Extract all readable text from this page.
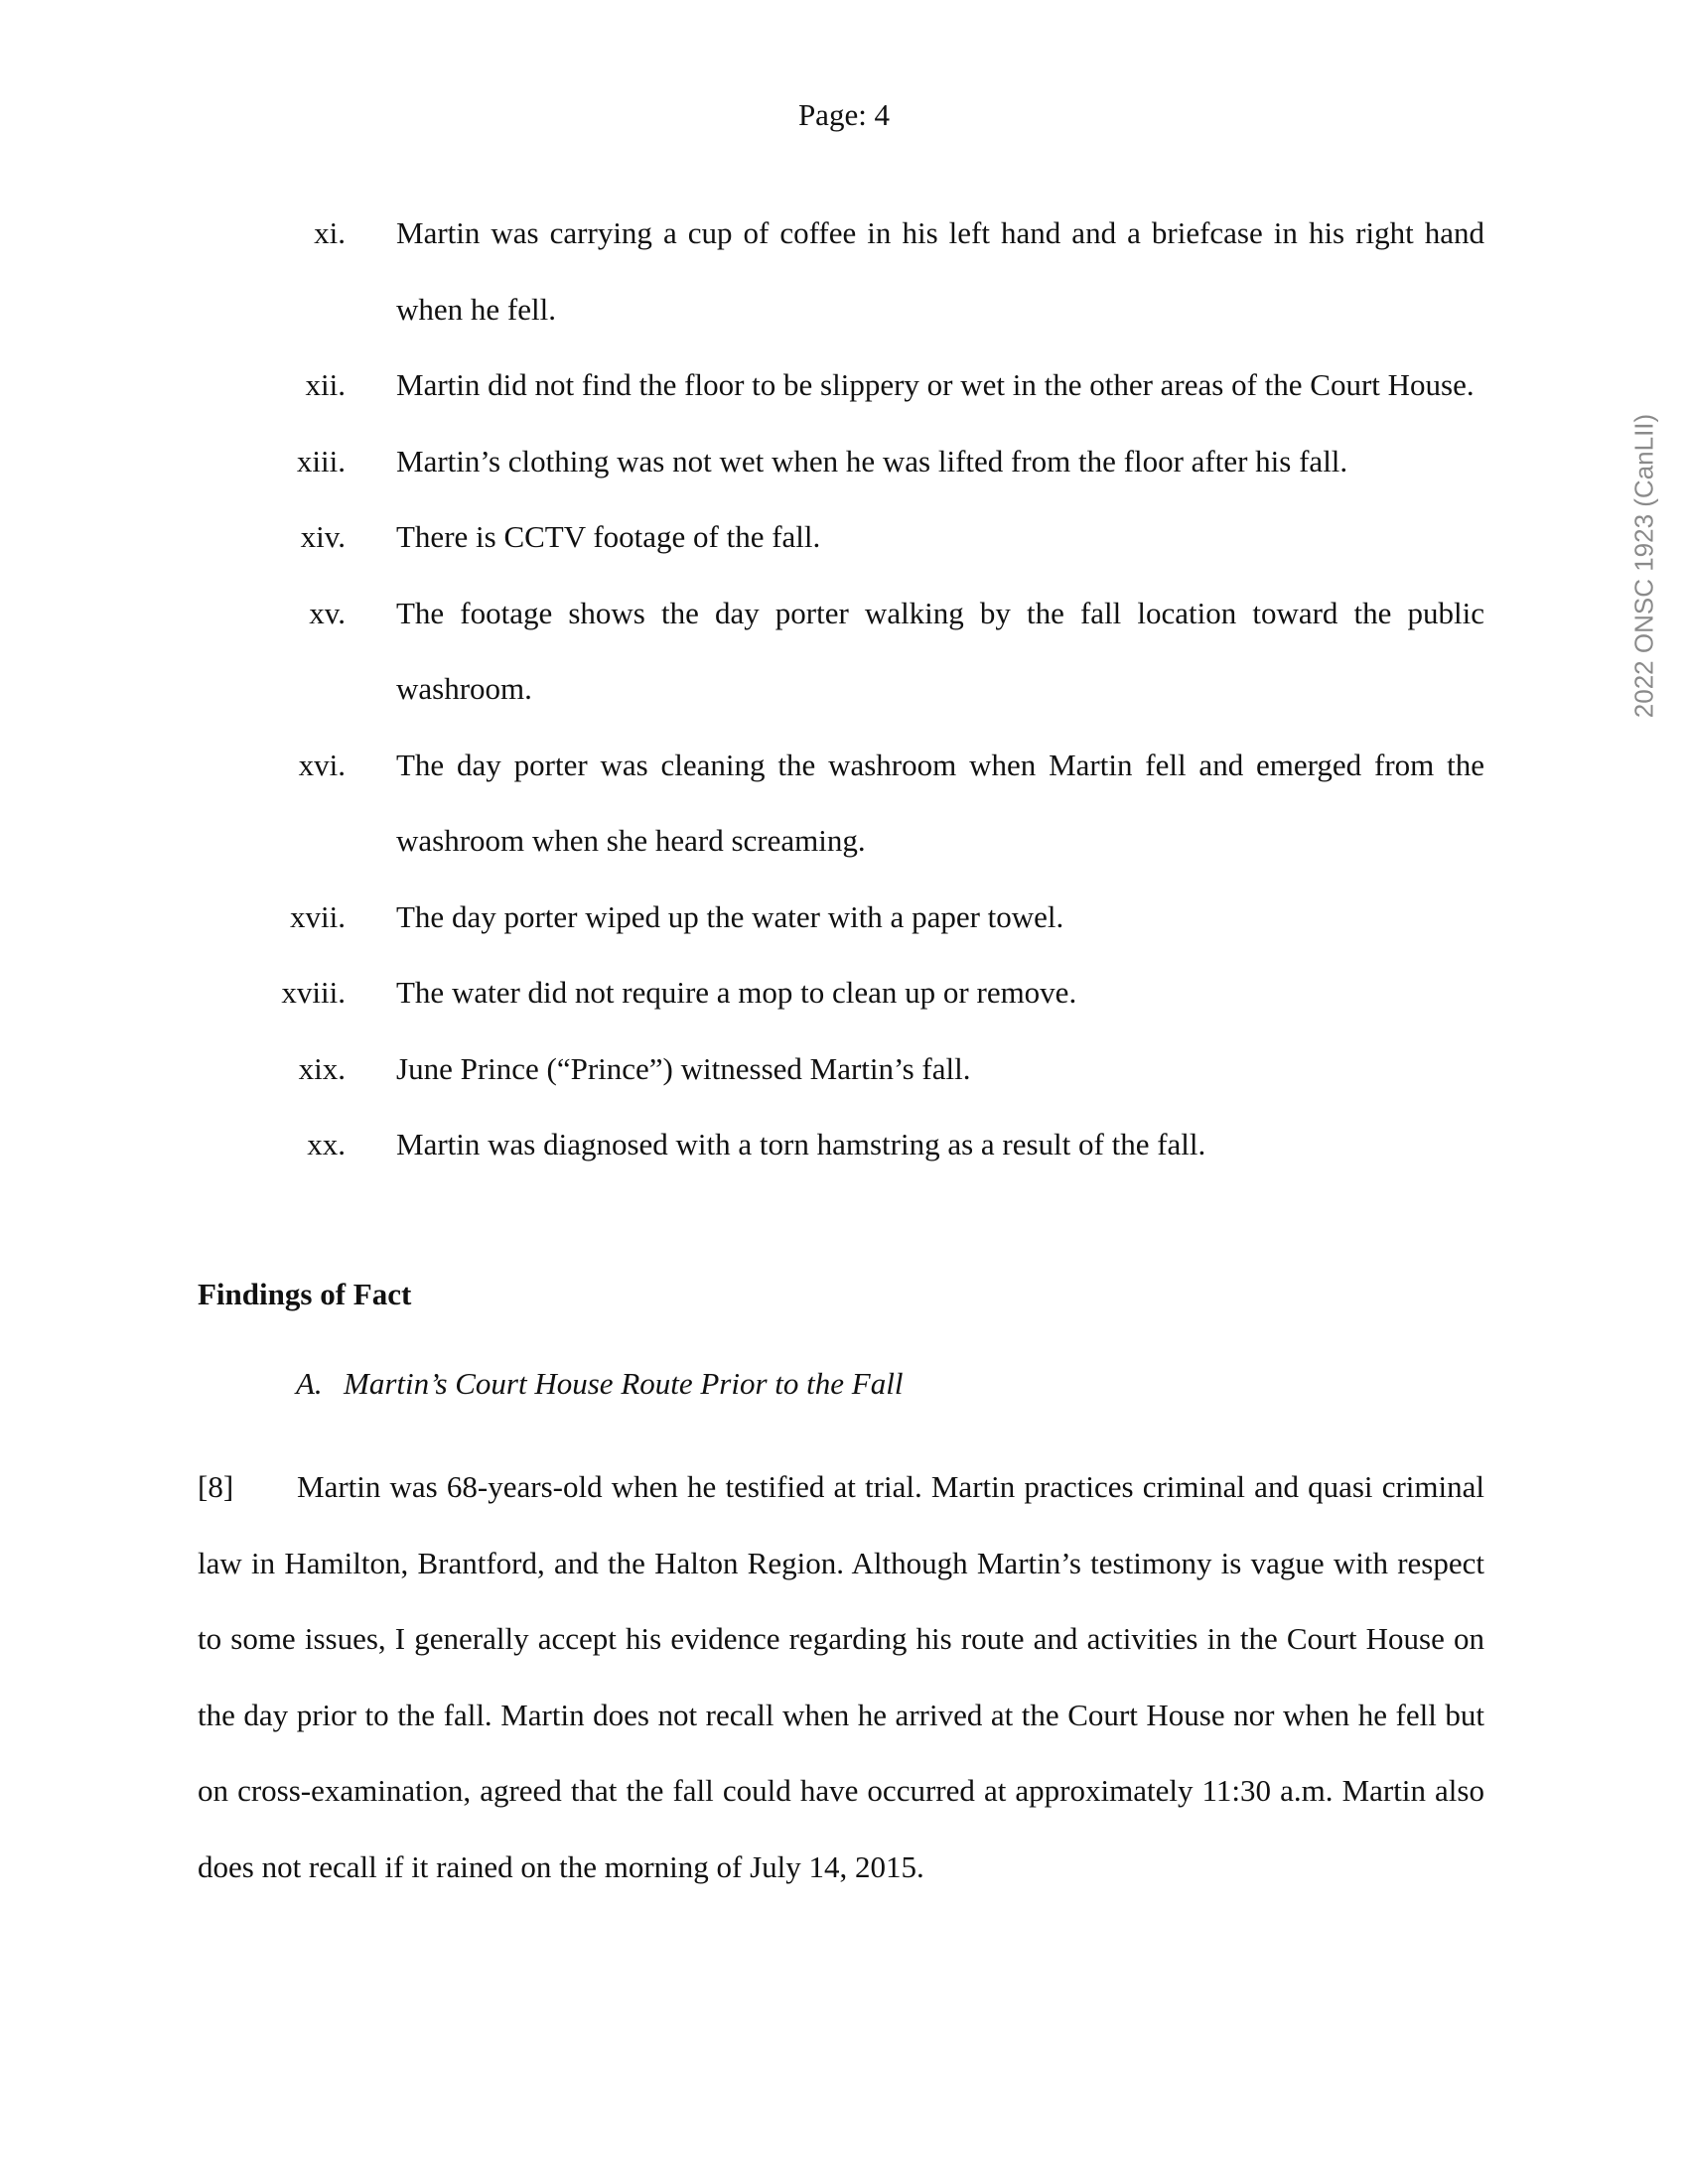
Page: 4
2022 ONSC 1923 (CanLII)
xi. Martin was carrying a cup of coffee in his left hand and a briefcase in his right hand when he fell.
xii. Martin did not find the floor to be slippery or wet in the other areas of the Court House.
xiii. Martin’s clothing was not wet when he was lifted from the floor after his fall.
xiv. There is CCTV footage of the fall.
xv. The footage shows the day porter walking by the fall location toward the public washroom.
xvi. The day porter was cleaning the washroom when Martin fell and emerged from the washroom when she heard screaming.
xvii. The day porter wiped up the water with a paper towel.
xviii. The water did not require a mop to clean up or remove.
xix. June Prince (“Prince”) witnessed Martin’s fall.
xx. Martin was diagnosed with a torn hamstring as a result of the fall.
Findings of Fact
A. Martin’s Court House Route Prior to the Fall
[8] Martin was 68-years-old when he testified at trial. Martin practices criminal and quasi criminal law in Hamilton, Brantford, and the Halton Region. Although Martin’s testimony is vague with respect to some issues, I generally accept his evidence regarding his route and activities in the Court House on the day prior to the fall. Martin does not recall when he arrived at the Court House nor when he fell but on cross-examination, agreed that the fall could have occurred at approximately 11:30 a.m. Martin also does not recall if it rained on the morning of July 14, 2015.
